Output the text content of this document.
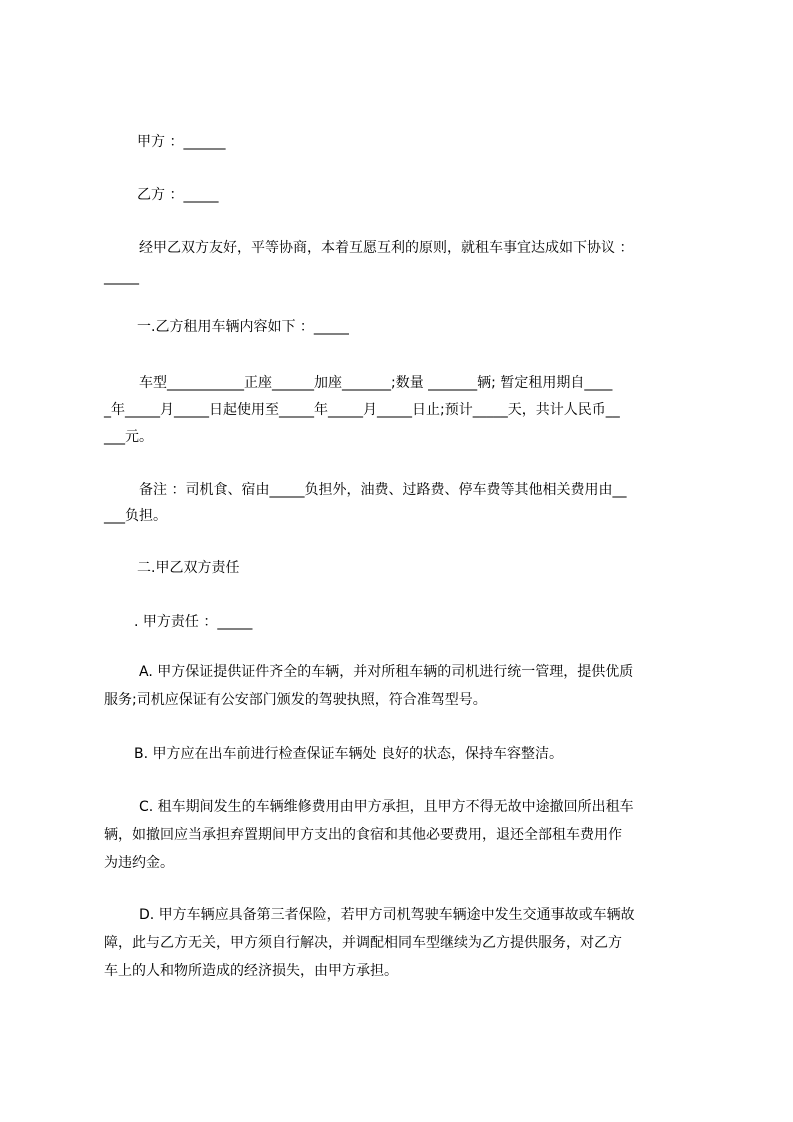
甲方 ：______
乙方 ：_____
经甲乙双方友好，平等协商，本着互愿互利的原则，就租车事宜达成如下协议 ：
_____
一.乙方租用车辆内容如下 ：_____
车型___________正座______加座_______;数量 _______辆; 暂定租用期自____
_年_____月_____日起使用至_____年_____月_____日止;预计_____天，共计人民币__
___元。
备注 ：司机食、宿由_____负担外，油费、过路费、停车费等其他相关费用由__
___负担。
二.甲乙双方责任
. 甲方责任 ：_____
A. 甲方保证提供证件齐全的车辆，并对所租车辆的司机进行统一管理，提供优质
服务;司机应保证有公安部门颁发的驾驶执照，符合准驾型号。
B. 甲方应在出车前进行检查保证车辆处 良好的状态，保持车容整洁。
C. 租车期间发生的车辆维修费用由甲方承担，且甲方不得无故中途撤回所出租车
辆，如撤回应当承担弃置期间甲方支出的食宿和其他必要费用，退还全部租车费用作
为违约金。
D. 甲方车辆应具备第三者保险，若甲方司机驾驶车辆途中发生交通事故或车辆故
障，此与乙方无关，甲方须自行解决，并调配相同车型继续为乙方提供服务，对乙方
车上的人和物所造成的经济损失，由甲方承担。
